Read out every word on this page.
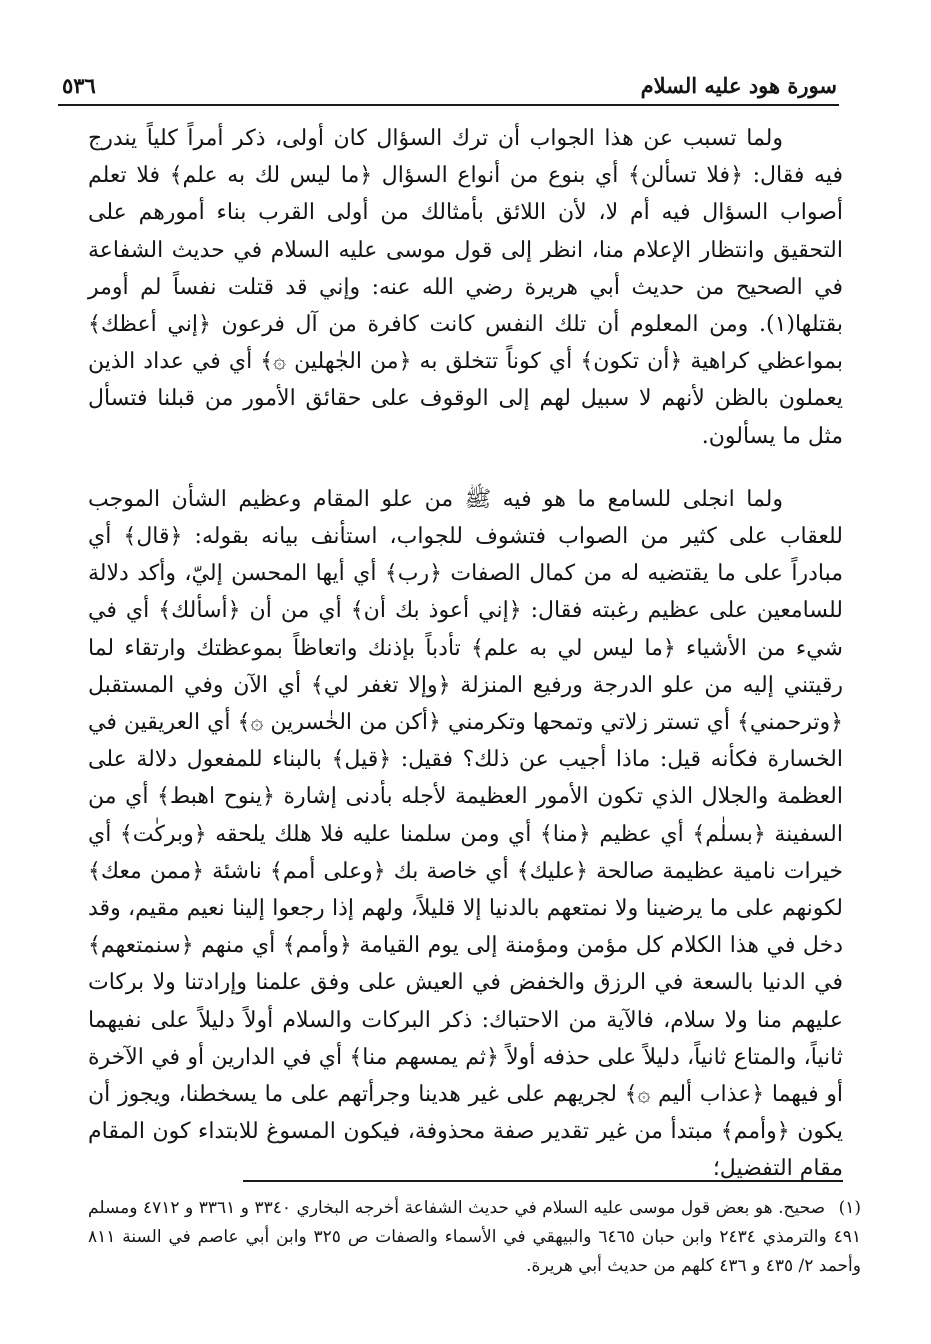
٥٣٦	سورة هود عليه السلام

ولما تسبب عن هذا الجواب أن ترك السؤال كان أولى، ذكر أمراً كلياً يندرج فيه فقال: ﴿فلا تسألن﴾ أي بنوع من أنواع السؤال ﴿ما ليس لك به علم﴾ فلا تعلم أصواب السؤال فيه أم لا، لأن اللائق بأمثالك من أولى القرب بناء أمورهم على التحقيق وانتظار الإعلام منا، انظر إلى قول موسى عليه السلام في حديث الشفاعة في الصحيح من حديث أبي هريرة رضي الله عنه: وإني قد قتلت نفساً لم أومر بقتلها(١). ومن المعلوم أن تلك النفس كانت كافرة من آل فرعون ﴿إني أعظك﴾ بمواعظي كراهية ﴿أن تكون﴾ أي كوناً تتخلق به ﴿من الجٰهلين ۞﴾ أي في عداد الذين يعملون بالظن لأنهم لا سبيل لهم إلى الوقوف على حقائق الأمور من قبلنا فتسأل مثل ما يسألون.

ولما انجلى للسامع ما هو فيه ﷺ من علو المقام وعظيم الشأن الموجب للعقاب على كثير من الصواب فتشوف للجواب، استأنف بيانه بقوله: ﴿قال﴾ أي مبادراً على ما يقتضيه له من كمال الصفات ﴿رب﴾ أي أيها المحسن إليّ، وأكد دلالة للسامعين على عظيم رغبته فقال: ﴿إني أعوذ بك أن﴾ أي من أن ﴿أسألك﴾ أي في شيء من الأشياء ﴿ما ليس لي به علم﴾ تأدباً بإذنك واتعاظاً بموعظتك وارتقاء لما رقيتني إليه من علو الدرجة ورفيع المنزلة ﴿وإلا تغفر لي﴾ أي الآن وفي المستقبل ﴿وترحمني﴾ أي تستر زلاتي وتمحها وتكرمني ﴿أكن من الخٰسرين ۞﴾ أي العريقين في الخسارة فكأنه قيل: ماذا أجيب عن ذلك؟ فقيل: ﴿قيل﴾ بالبناء للمفعول دلالة على العظمة والجلال الذي تكون الأمور العظيمة لأجله بأدنى إشارة ﴿ينوح اهبط﴾ أي من السفينة ﴿بسلٰم﴾ أي عظيم ﴿منا﴾ أي ومن سلمنا عليه فلا هلك يلحقه ﴿وبركٰت﴾ أي خيرات نامية عظيمة صالحة ﴿عليك﴾ أي خاصة بك ﴿وعلى أمم﴾ ناشئة ﴿ممن معك﴾ لكونهم على ما يرضينا ولا نمتعهم بالدنيا إلا قليلاً، ولهم إذا رجعوا إلينا نعيم مقيم، وقد دخل في هذا الكلام كل مؤمن ومؤمنة إلى يوم القيامة ﴿وأمم﴾ أي منهم ﴿سنمتعهم﴾ في الدنيا بالسعة في الرزق والخفض في العيش على وفق علمنا وإرادتنا ولا بركات عليهم منا ولا سلام، فالآية من الاحتباك: ذكر البركات والسلام أولاً دليلاً على نفيهما ثانياً، والمتاع ثانياً، دليلاً على حذفه أولاً ﴿ثم يمسهم منا﴾ أي في الدارين أو في الآخرة أو فيهما ﴿عذاب أليم ۞﴾ لجريهم على غير هدينا وجرأتهم على ما يسخطنا، ويجوز أن يكون ﴿وأمم﴾ مبتدأ من غير تقدير صفة محذوفة، فيكون المسوغ للابتداء كون المقام مقام التفضيل؛

(١) صحيح. هو بعض قول موسى عليه السلام في حديث الشفاعة أخرجه البخاري ٣٣٤٠ و ٣٣٦١ و ٤٧١٢ ومسلم ٤٩١ والترمذي ٢٤٣٤ وابن حبان ٦٤٦٥ والبيهقي في الأسماء والصفات ص ٣٢٥ وابن أبي عاصم في السنة ٨١١ وأحمد ٢/ ٤٣٥ و ٤٣٦ كلهم من حديث أبي هريرة.
